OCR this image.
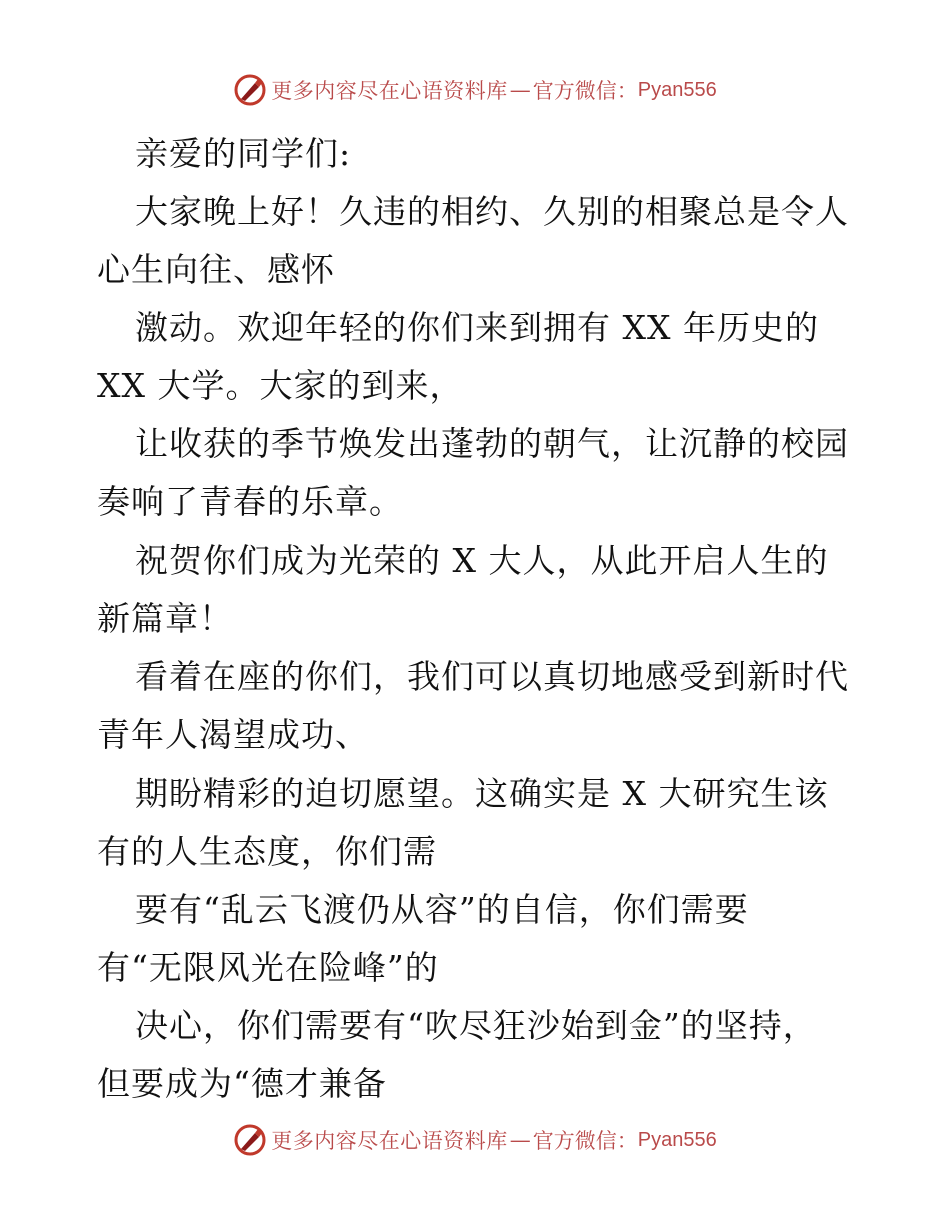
更多内容尽在心语资料库 — 官方微信： Pyan556
亲爱的同学们:
大家晚上好！久违的相约、久别的相聚总是令人
心生向往、感怀
激动。欢迎年轻的你们来到拥有 XX 年历史的
XX 大学。大家的到来，
让收获的季节焕发出蓬勃的朝气，让沉静的校园
奏响了青春的乐章。
祝贺你们成为光荣的 X 大人，从此开启人生的
新篇章！
看着在座的你们，我们可以真切地感受到新时代
青年人渴望成功、
期盼精彩的迫切愿望。这确实是 X 大研究生该
有的人生态度，你们需
要有“乱云飞渡仍从容”的自信，你们需要
有“无限风光在险峰”的
决心，你们需要有“吹尽狂沙始到金”的坚持，
但要成为“德才兼备
更多内容尽在心语资料库 — 官方微信： Pyan556
